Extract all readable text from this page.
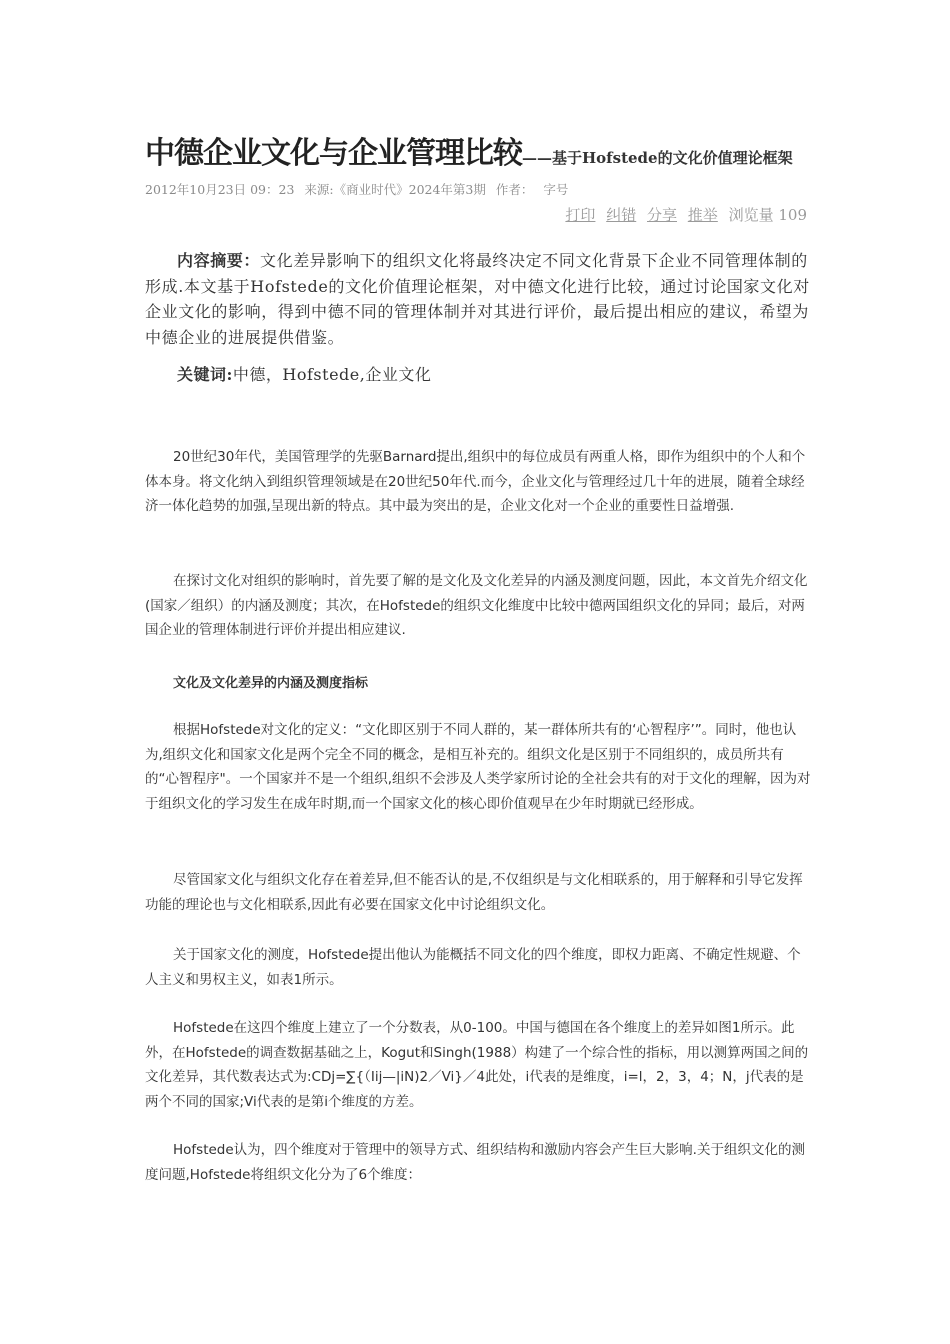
中德企业文化与企业管理比较——基于Hofstede的文化价值理论框架
2012年10月23日 09：23 来源:《商业时代》2024年第3期 作者： 字号
打印 纠错 分享 推举 浏览量 109
内容摘要：文化差异影响下的组织文化将最终决定不同文化背景下企业不同管理体制的形成.本文基于Hofstede的文化价值理论框架，对中德文化进行比较，通过讨论国家文化对企业文化的影响，得到中德不同的管理体制并对其进行评价，最后提出相应的建议，希望为中德企业的进展提供借鉴。
关键词:中德，Hofstede,企业文化

20世纪30年代，美国管理学的先驱Barnard提出,组织中的每位成员有两重人格，即作为组织中的个人和个体本身。将文化纳入到组织管理领域是在20世纪50年代.而今，企业文化与管理经过几十年的进展，随着全球经济一体化趋势的加强,呈现出新的特点。其中最为突出的是，企业文化对一个企业的重要性日益增强.

在探讨文化对组织的影响时，首先要了解的是文化及文化差异的内涵及测度问题，因此，本文首先介绍文化(国家／组织）的内涵及测度；其次，在Hofstede的组织文化维度中比较中德两国组织文化的异同；最后，对两国企业的管理体制进行评价并提出相应建议.

文化及文化差异的内涵及测度指标

根据Hofstede对文化的定义：“文化即区别于不同人群的，某一群体所共有的‘心智程序’”。同时，他也认为,组织文化和国家文化是两个完全不同的概念，是相互补充的。组织文化是区别于不同组织的，成员所共有的“心智程序"。一个国家并不是一个组织,组织不会涉及人类学家所讨论的全社会共有的对于文化的理解，因为对于组织文化的学习发生在成年时期,而一个国家文化的核心即价值观早在少年时期就已经形成。

尽管国家文化与组织文化存在着差异,但不能否认的是,不仅组织是与文化相联系的，用于解释和引导它发挥功能的理论也与文化相联系,因此有必要在国家文化中讨论组织文化。

关于国家文化的测度，Hofstede提出他认为能概括不同文化的四个维度，即权力距离、不确定性规避、个人主义和男权主义，如表1所示。

Hofstede在这四个维度上建立了一个分数表，从0-100。中国与德国在各个维度上的差异如图1所示。此外，在Hofstede的调查数据基础之上，Kogut和Singh(1988）构建了一个综合性的指标，用以测算两国之间的文化差异，其代数表达式为:CDj=∑{（Iij—|iN)2／Vi}／4此处，i代表的是维度，i=l，2，3，4；N，j代表的是两个不同的国家;Vi代表的是第i个维度的方差。

Hofstede认为，四个维度对于管理中的领导方式、组织结构和激励内容会产生巨大影响.关于组织文化的测度问题,Hofstede将组织文化分为了6个维度：
